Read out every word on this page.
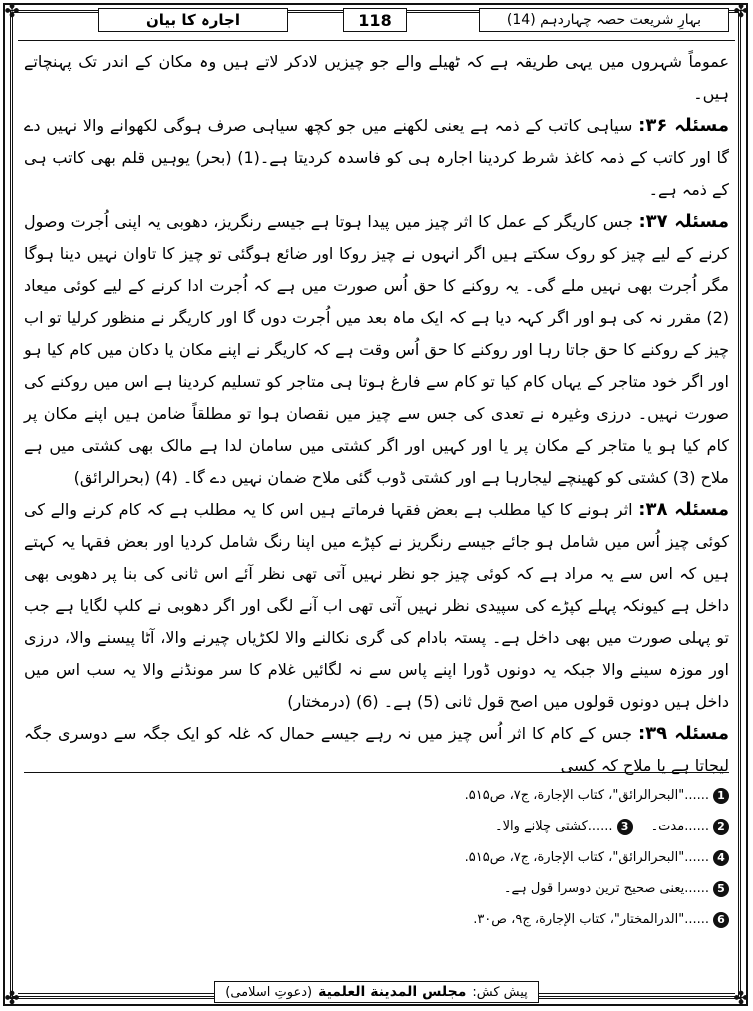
✤	✤
✤	✤
اجارہ کا بیان	118	بہارِ شریعت حصہ چہاردہم (14)

عموماً شہروں میں یہی طریقہ ہے کہ ٹھیلے والے جو چیزیں لادکر لاتے ہیں وہ مکان کے اندر تک پہنچاتے ہیں۔

مسئلہ ۳۶: سیاہی کاتب کے ذمہ ہے یعنی لکھنے میں جو کچھ سیاہی صرف ہوگی لکھوانے والا نہیں دے گا اور کاتب کے ذمہ کاغذ شرط کردینا اجارہ ہی کو فاسدہ کردیتا ہے۔(1) (بحر) یوہیں قلم بھی کاتب ہی کے ذمہ ہے۔

مسئلہ ۳۷: جس کاریگر کے عمل کا اثر چیز میں پیدا ہوتا ہے جیسے رنگریز، دھوبی یہ اپنی اُجرت وصول کرنے کے لیے چیز کو روک سکتے ہیں اگر انہوں نے چیز روکا اور ضائع ہوگئی تو چیز کا تاوان نہیں دینا ہوگا مگر اُجرت بھی نہیں ملے گی۔ یہ روکنے کا حق اُس صورت میں ہے کہ اُجرت ادا کرنے کے لیے کوئی میعاد (2) مقرر نہ کی ہو اور اگر کہہ دیا ہے کہ ایک ماہ بعد میں اُجرت دوں گا اور کاریگر نے منظور کرلیا تو اب چیز کے روکنے کا حق جاتا رہا اور روکنے کا حق اُس وقت ہے کہ کاریگر نے اپنے مکان یا دکان میں کام کیا ہو اور اگر خود متاجر کے یہاں کام کیا تو کام سے فارغ ہوتا ہی متاجر کو تسلیم کردینا ہے اس میں روکنے کی صورت نہیں۔ درزی وغیرہ نے تعدی کی جس سے چیز میں نقصان ہوا تو مطلقاً ضامن ہیں اپنے مکان پر کام کیا ہو یا متاجر کے مکان پر یا اور کہیں اور اگر کشتی میں سامان لدا ہے مالک بھی کشتی میں ہے ملاح (3) کشتی کو کھینچے لیجارہا ہے اور کشتی ڈوب گئی ملاح ضمان نہیں دے گا۔ (4) (بحرالرائق)

مسئلہ ۳۸: اثر ہونے کا کیا مطلب ہے بعض فقہا فرماتے ہیں اس کا یہ مطلب ہے کہ کام کرنے والے کی کوئی چیز اُس میں شامل ہو جائے جیسے رنگریز نے کپڑے میں اپنا رنگ شامل کردیا اور بعض فقہا یہ کہتے ہیں کہ اس سے یہ مراد ہے کہ کوئی چیز جو نظر نہیں آتی تھی نظر آئے اس ثانی کی بنا پر دھوبی بھی داخل ہے کیونکہ پہلے کپڑے کی سپیدی نظر نہیں آتی تھی اب آنے لگی اور اگر دھوبی نے کلپ لگایا ہے جب تو پہلی صورت میں بھی داخل ہے۔ پستہ بادام کی گری نکالنے والا لکڑیاں چیرنے والا، آٹا پیسنے والا، درزی اور موزہ سینے والا جبکہ یہ دونوں ڈورا اپنے پاس سے نہ لگائیں غلام کا سر مونڈنے والا یہ سب اس میں داخل ہیں دونوں قولوں میں اصح قول ثانی (5) ہے۔ (6) (درمختار)

مسئلہ ۳۹: جس کے کام کا اثر اُس چیز میں نہ رہے جیسے حمال کہ غلہ کو ایک جگہ سے دوسری جگہ لیجاتا ہے یا ملاح کہ کسی

1
......"البحرالرائق"، کتاب الإجارة، ج۷، ص۵۱۵.
2
......مدت۔
3
......کشتی چلانے والا۔
4
......"البحرالرائق"، کتاب الإجارة، ج۷، ص۵۱۵.
5
......یعنی صحیح ترین دوسرا قول ہے۔
6
......"الدرالمختار"، کتاب الإجارة، ج۹، ص۳۰.
پیش کش:
مجلس المدینة العلمیة
(دعوتِ اسلامی)
